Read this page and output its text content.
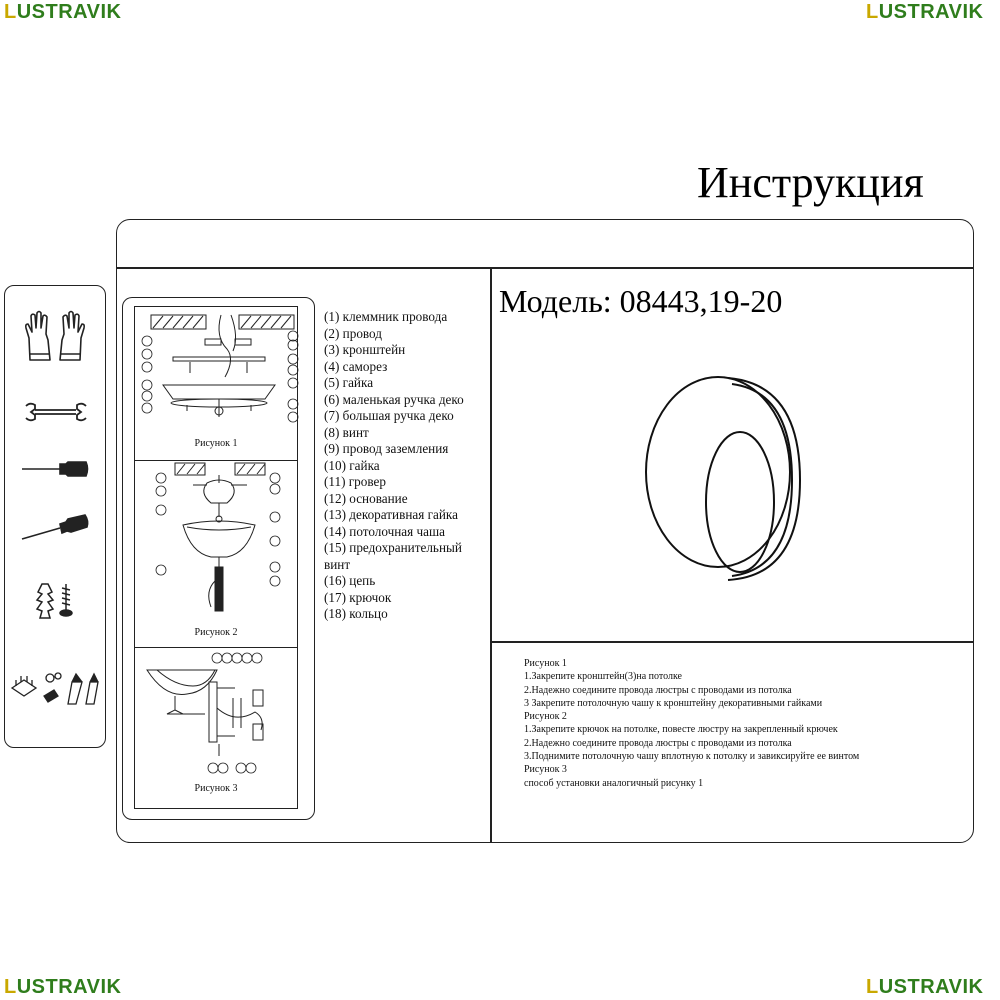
LUSTRAVIK	LUSTRAVIK
LUSTRAVIK	LUSTRAVIK
Инструкция
Рисунок 1
Рисунок 2
Рисунок 3
(1) клеммник провода
(2) провод
(3) кронштейн
(4) саморез
(5) гайка
(6) маленькая ручка деко
(7) большая ручка деко
(8) винт
(9) провод заземления
(10) гайка
(11) гровер
(12) основание
(13) декоративная гайка
(14) потолочная чаша
(15) предохранительный винт
(16) цепь
(17) крючок
(18) кольцо
Модель: 08443,19-20
Рисунок 1
1.Закрепите кронштейн(3)на потолке
2.Надежно соедините провода люстры с проводами из потолка
3 Закрепите потолочную чашу к кронштейну декоративными гайками
Рисунок 2
1.Закрепите крючок на потолке, повесте люстру на закрепленный крючек
2.Надежно соедините провода люстры с проводами из потолка
3.Поднимите потолочную чашу вплотную к потолку и завиксируйте ее винтом
Рисунок 3
способ установки аналогичный рисунку 1
